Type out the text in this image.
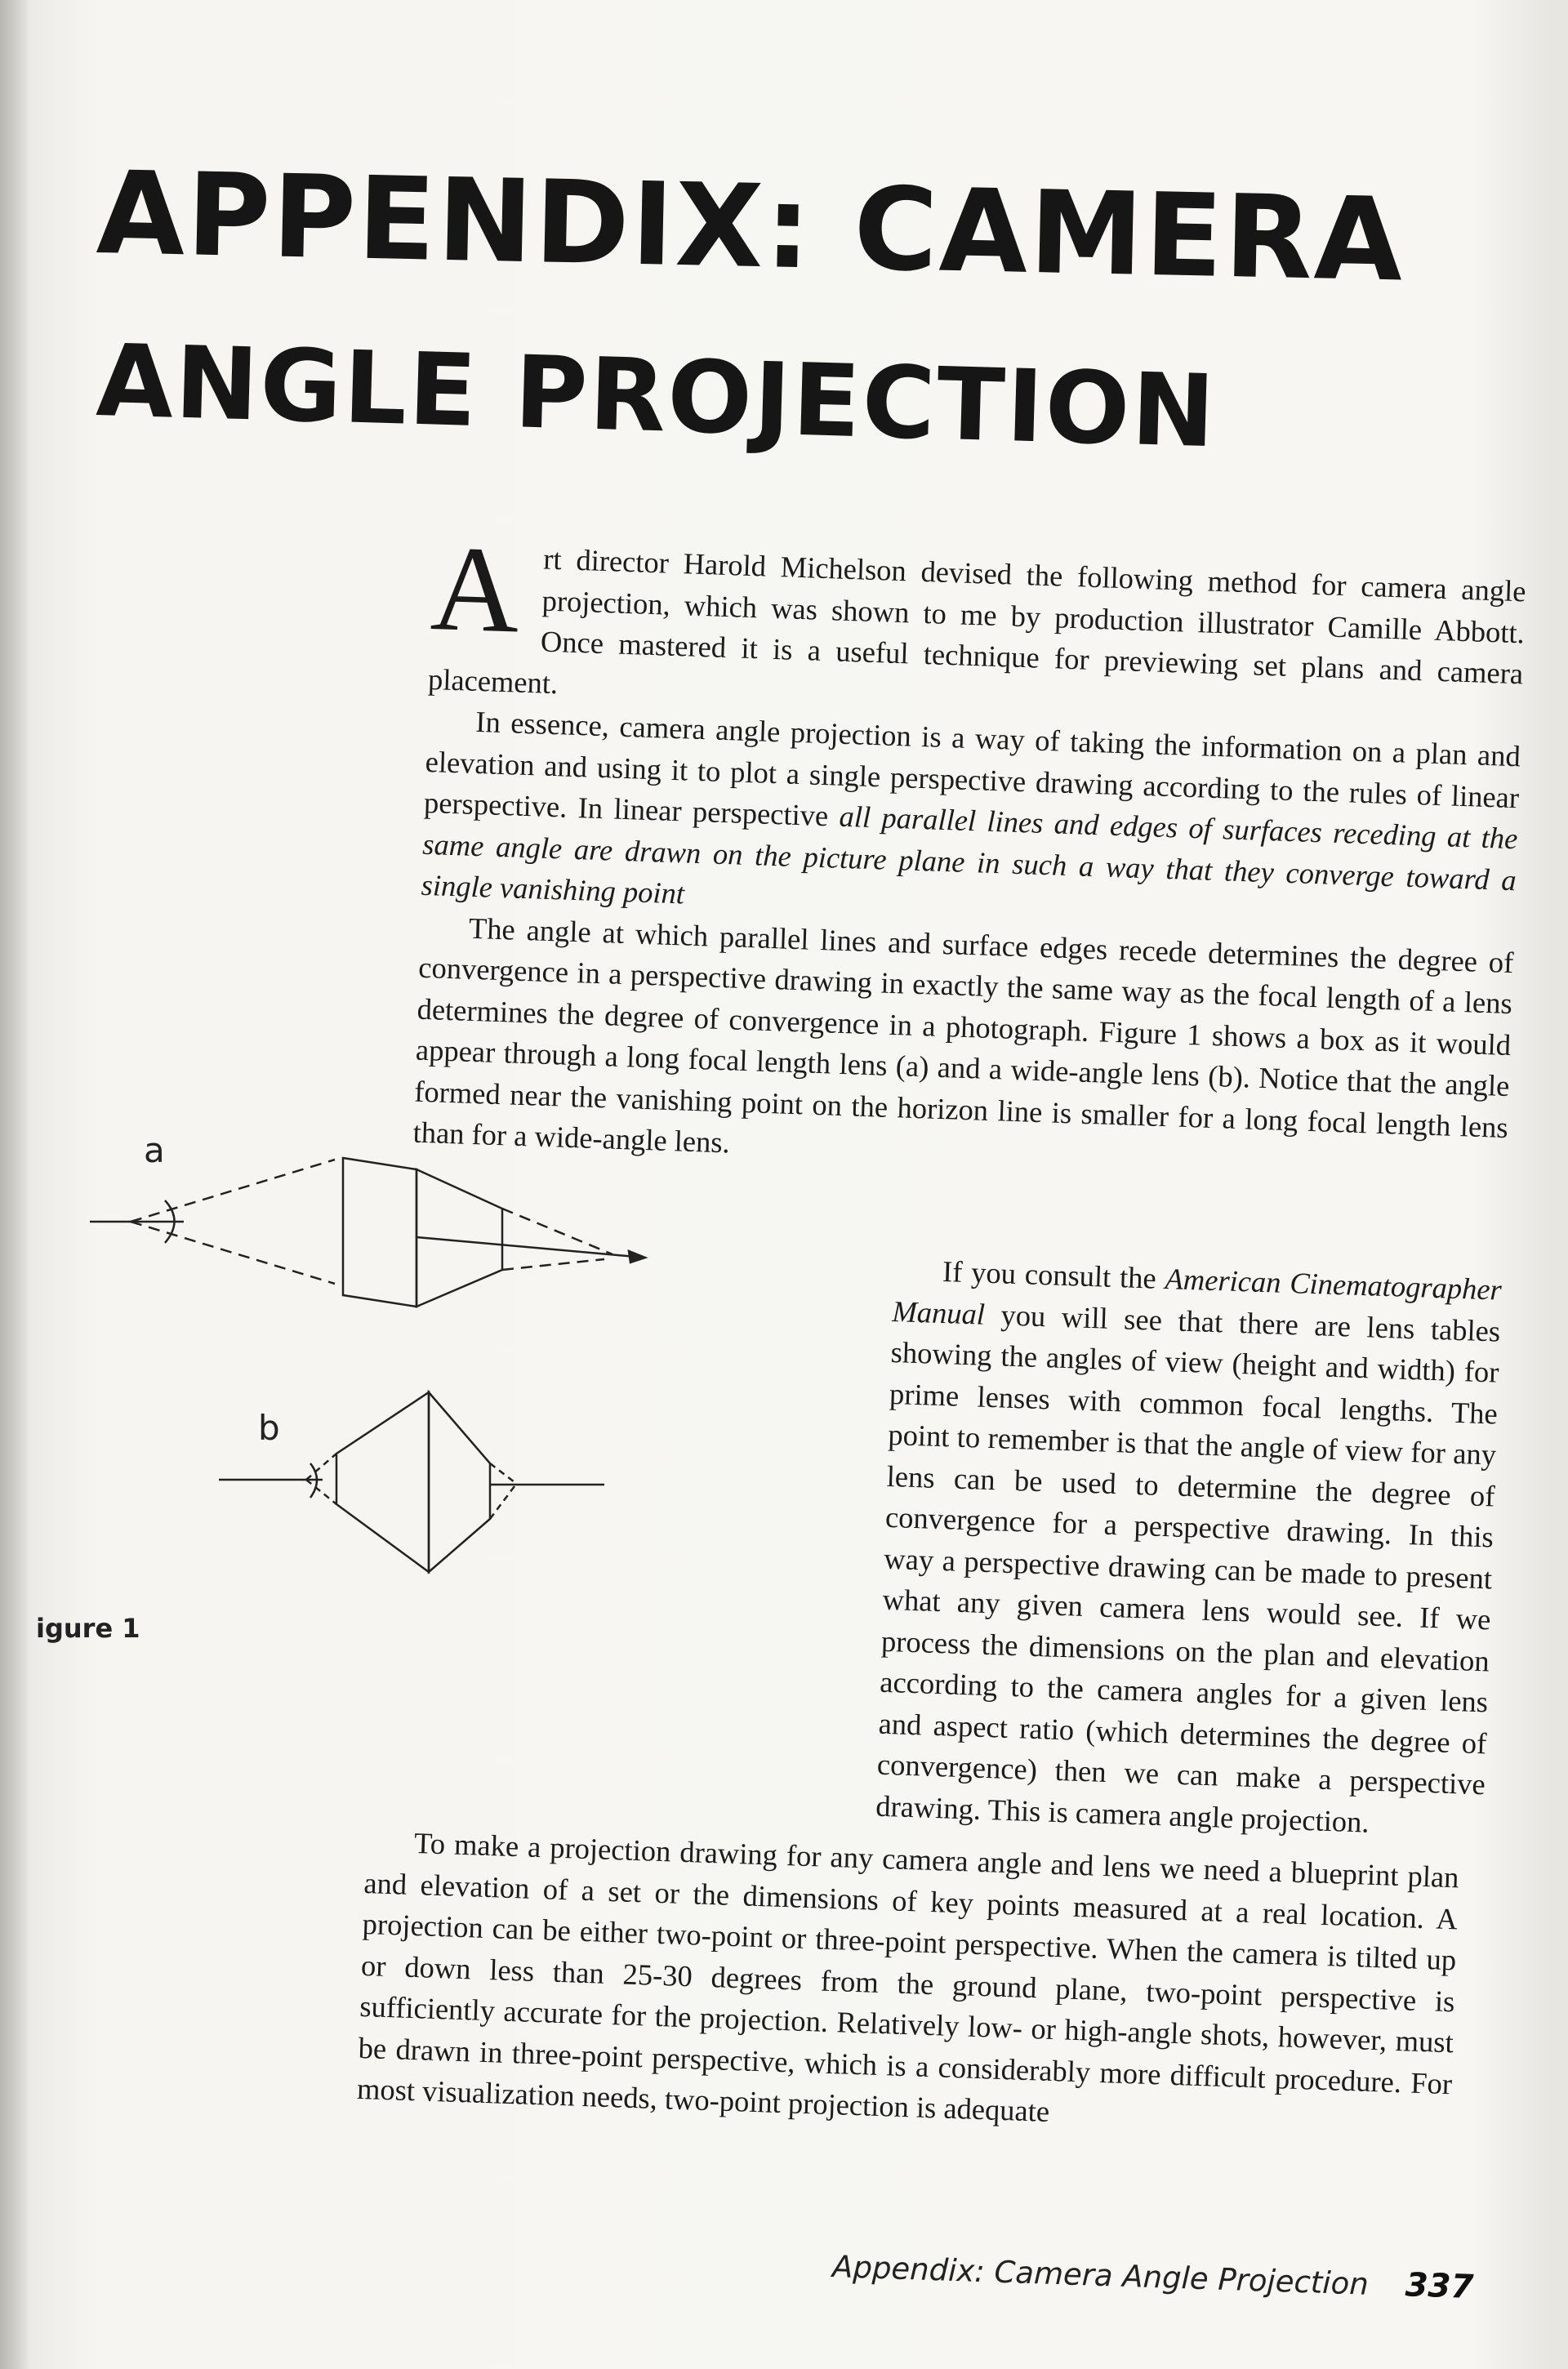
APPENDIX: CAMERA
ANGLE PROJECTION
A rt director Harold Michelson devised the following method for camera angle projection, which was shown to me by production illustrator Camille Abbott. Once mastered it is a useful technique for previewing set plans and camera placement.

In essence, camera angle projection is a way of taking the information on a plan and elevation and using it to plot a single perspective drawing according to the rules of linear perspective. In linear perspective all parallel lines and edges of surfaces receding at the same angle are drawn on the picture plane in such a way that they converge toward a single vanishing point

The angle at which parallel lines and surface edges recede determines the degree of convergence in a perspective drawing in exactly the same way as the focal length of a lens determines the degree of convergence in a photograph. Figure 1 shows a box as it would appear through a long focal length lens (a) and a wide-angle lens (b). Notice that the angle formed near the vanishing point on the horizon line is smaller for a long focal length lens than for a wide-angle lens.

If you consult the American Cinematographer Manual you will see that there are lens tables showing the angles of view (height and width) for prime lenses with common focal lengths. The point to remember is that the angle of view for any lens can be used to determine the degree of convergence for a perspective drawing. In this way a perspective drawing can be made to present what any given camera lens would see. If we process the dimensions on the plan and elevation according to the camera angles for a given lens and aspect ratio (which determines the degree of convergence) then we can make a perspective drawing. This is camera angle projection.

To make a projection drawing for any camera angle and lens we need a blueprint plan and elevation of a set or the dimensions of key points measured at a real location. A projection can be either two-point or three-point perspective. When the camera is tilted up or down less than 25-30 degrees from the ground plane, two-point perspective is sufficiently accurate for the projection. Relatively low- or high-angle shots, however, must be drawn in three-point perspective, which is a considerably more difficult procedure. For most visualization needs, two-point projection is adequate

a
b
igure 1
Appendix: Camera Angle Projection 337
